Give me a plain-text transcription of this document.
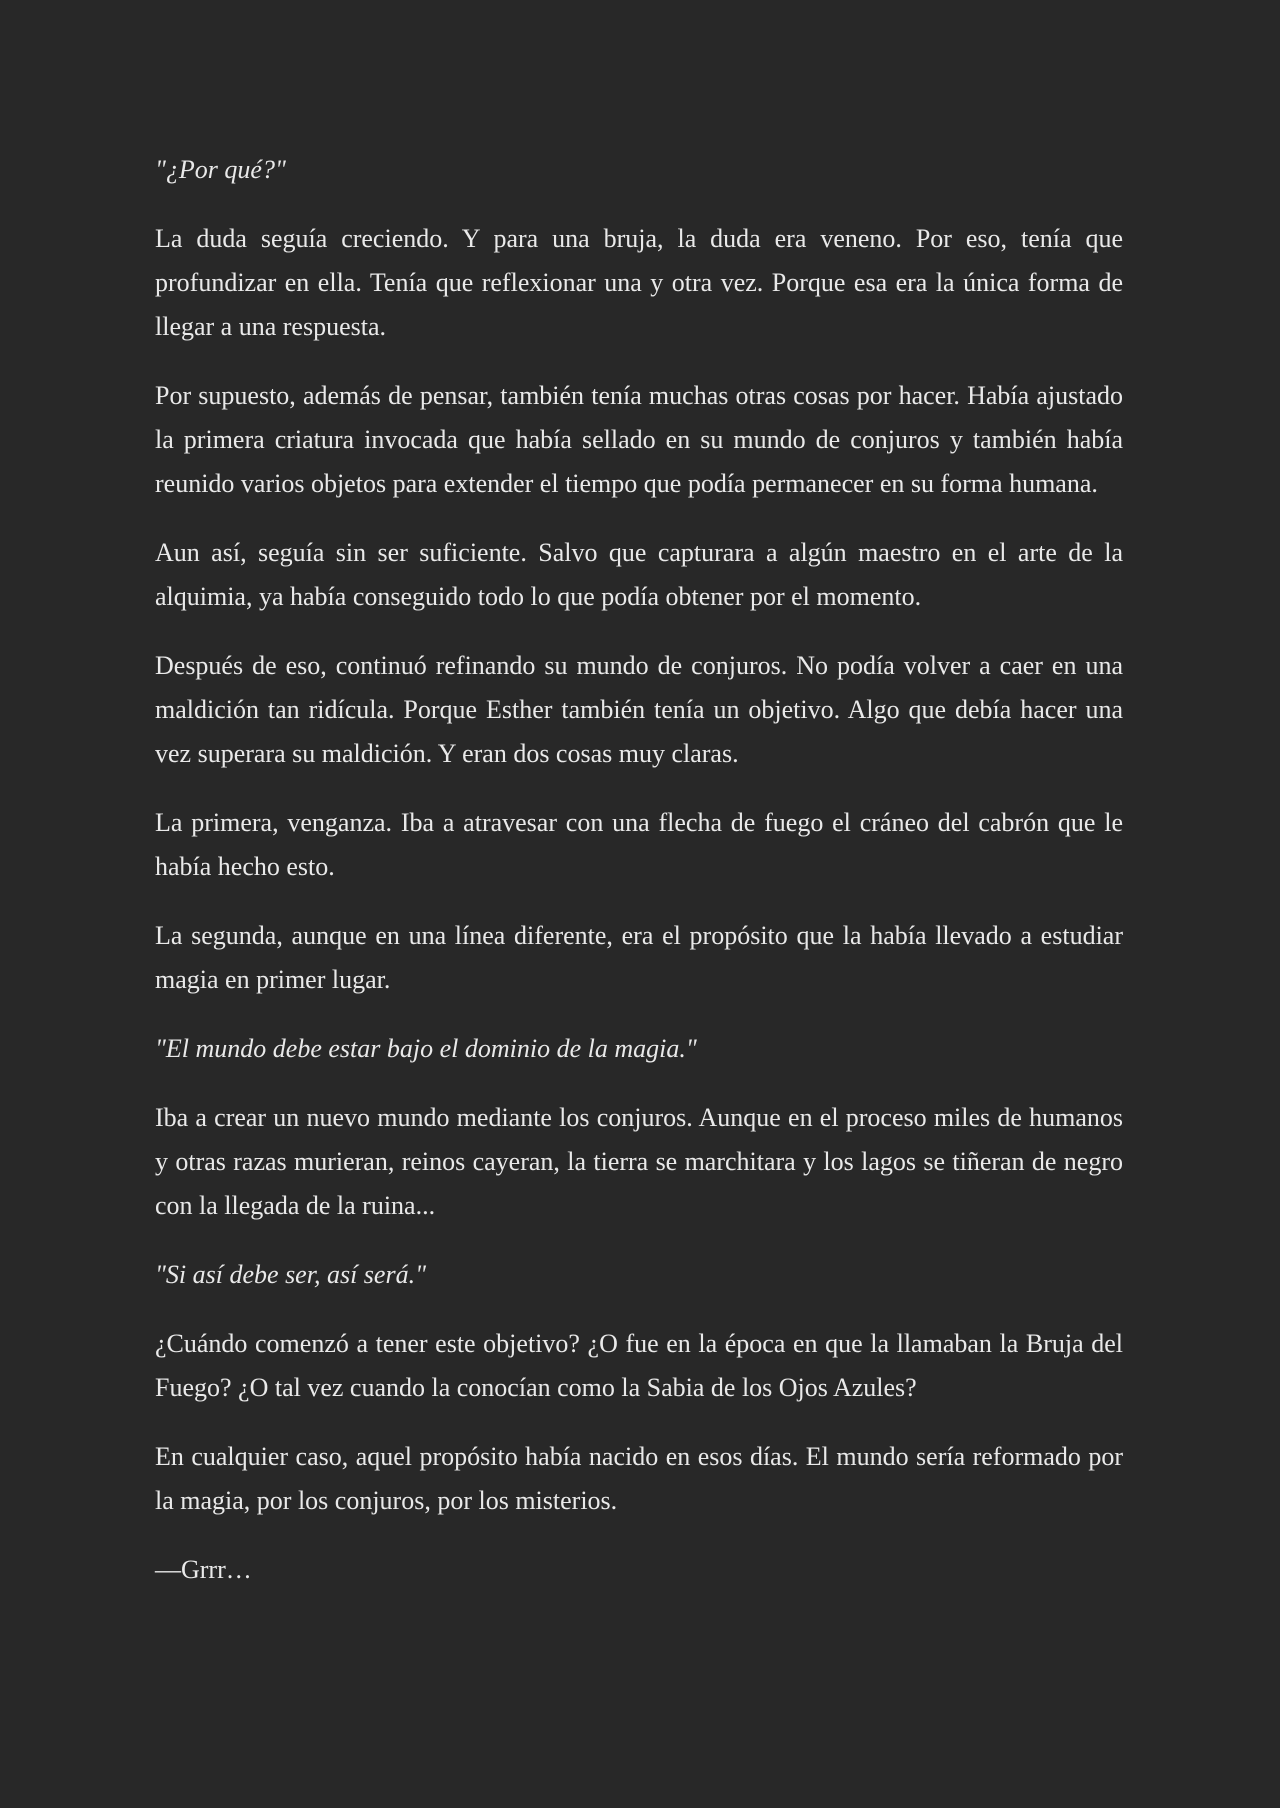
"¿Por qué?"

La duda seguía creciendo. Y para una bruja, la duda era veneno. Por eso, tenía que profundizar en ella. Tenía que reflexionar una y otra vez. Porque esa era la única forma de llegar a una respuesta.

Por supuesto, además de pensar, también tenía muchas otras cosas por hacer. Había ajustado la primera criatura invocada que había sellado en su mundo de conjuros y también había reunido varios objetos para extender el tiempo que podía permanecer en su forma humana.

Aun así, seguía sin ser suficiente. Salvo que capturara a algún maestro en el arte de la alquimia, ya había conseguido todo lo que podía obtener por el momento.

Después de eso, continuó refinando su mundo de conjuros. No podía volver a caer en una maldición tan ridícula. Porque Esther también tenía un objetivo. Algo que debía hacer una vez superara su maldición. Y eran dos cosas muy claras.

La primera, venganza. Iba a atravesar con una flecha de fuego el cráneo del cabrón que le había hecho esto.

La segunda, aunque en una línea diferente, era el propósito que la había llevado a estudiar magia en primer lugar.

"El mundo debe estar bajo el dominio de la magia."

Iba a crear un nuevo mundo mediante los conjuros. Aunque en el proceso miles de humanos y otras razas murieran, reinos cayeran, la tierra se marchitara y los lagos se tiñeran de negro con la llegada de la ruina...

"Si así debe ser, así será."

¿Cuándo comenzó a tener este objetivo? ¿O fue en la época en que la llamaban la Bruja del Fuego? ¿O tal vez cuando la conocían como la Sabia de los Ojos Azules?

En cualquier caso, aquel propósito había nacido en esos días. El mundo sería reformado por la magia, por los conjuros, por los misterios.

—Grrr…
